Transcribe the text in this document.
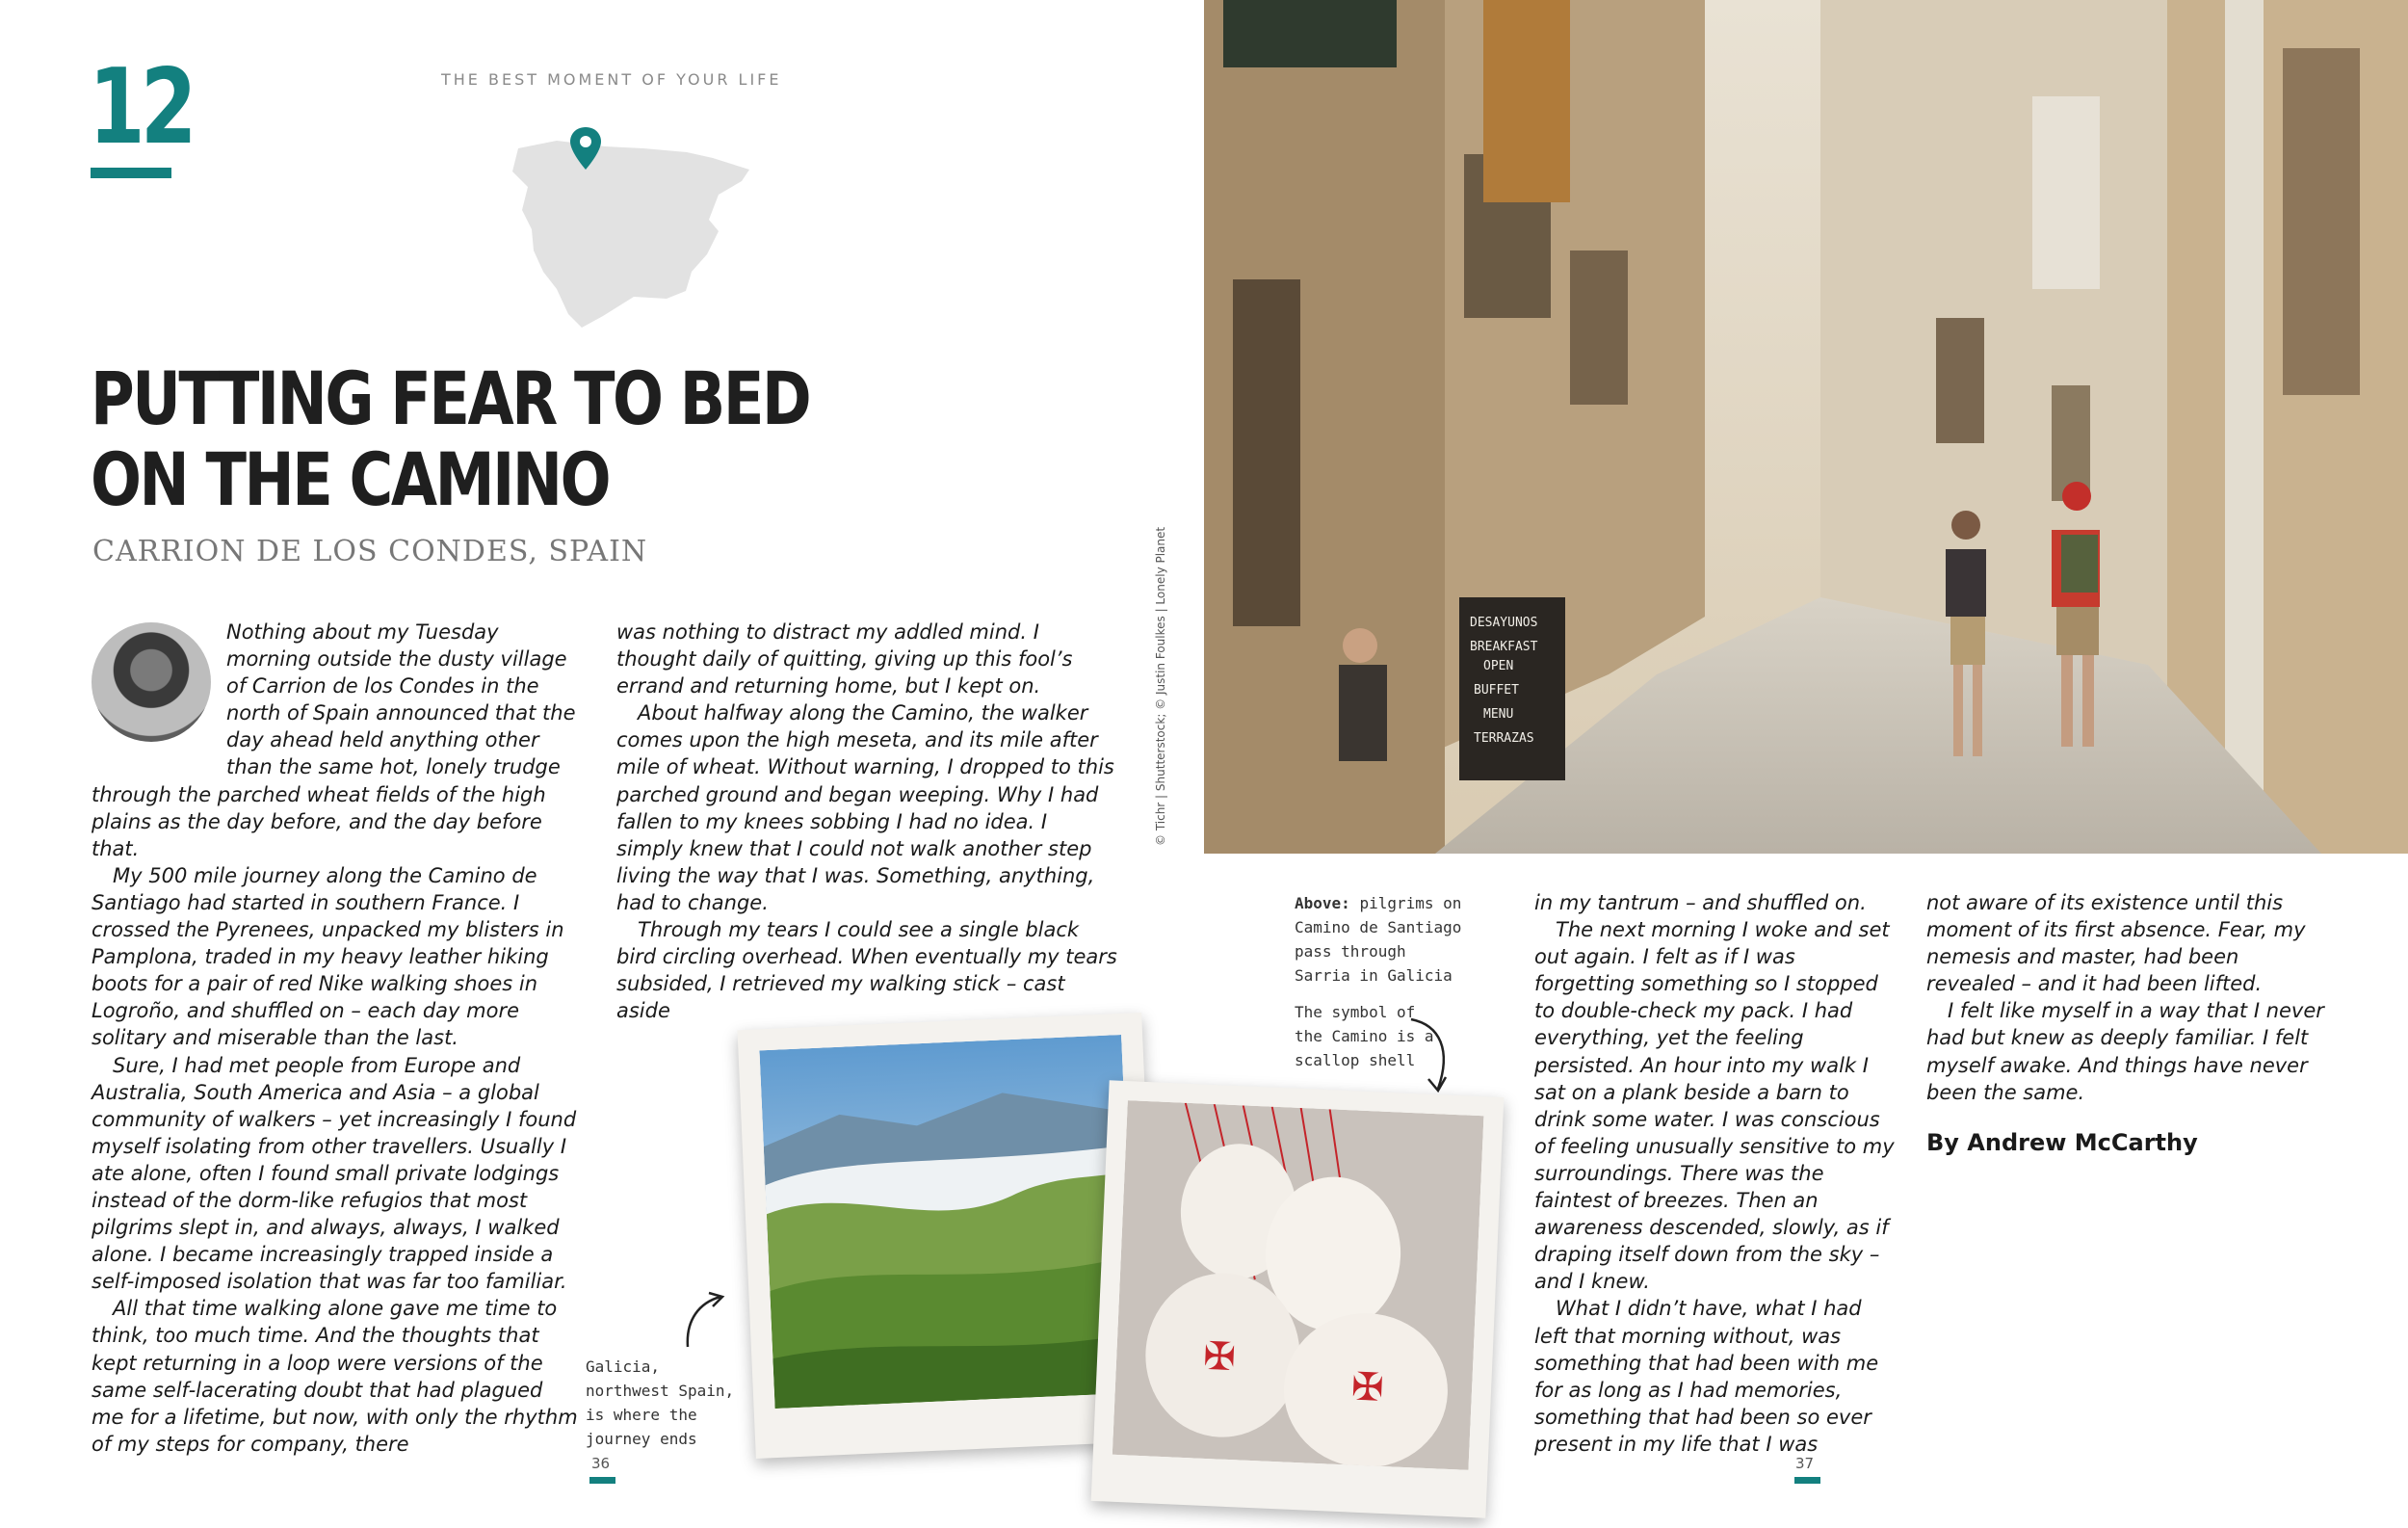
12	THE BEST MOMENT OF YOUR LIFE
PUTTING FEAR TO BED
ON THE CAMINO
CARRION DE LOS CONDES, SPAIN

Nothing about my Tuesday morning outside the dusty village of Carrion de los Condes in the north of Spain announced that the day ahead held anything other than the same hot, lonely trudge through the parched wheat fields of the high plains as the day before, and the day before that.

My 500 mile journey along the Camino de Santiago had started in southern France. I crossed the Pyrenees, unpacked my blisters in Pamplona, traded in my heavy leather hiking boots for a pair of red Nike walking shoes in Logroño, and shuffled on – each day more solitary and miserable than the last.

Sure, I had met people from Europe and Australia, South America and Asia – a global community of walkers – yet increasingly I found myself isolating from other travellers. Usually I ate alone, often I found small private lodgings instead of the dorm-like refugios that most pilgrims slept in, and always, always, I walked alone. I became increasingly trapped inside a self-imposed isolation that was far too familiar.

All that time walking alone gave me time to think, too much time. And the thoughts that kept returning in a loop were versions of the same self-lacerating doubt that had plagued me for a lifetime, but now, with only the rhythm of my steps for company, there

was nothing to distract my addled mind. I thought daily of quitting, giving up this fool’s errand and returning home, but I kept on.

About halfway along the Camino, the walker comes upon the high meseta, and its mile after mile of wheat. Without warning, I dropped to this parched ground and began weeping. Why I had fallen to my knees sobbing I had no idea. I simply knew that I could not walk another step living the way that I was. Something, anything, had to change.

Through my tears I could see a single black bird circling overhead. When eventually my tears subsided, I retrieved my walking stick – cast aside

in my tantrum – and shuffled on.

The next morning I woke and set out again. I felt as if I was forgetting something so I stopped to double-check my pack. I had everything, yet the feeling persisted. An hour into my walk I sat on a plank beside a barn to drink some water. I was conscious of feeling unusually sensitive to my surroundings. There was the faintest of breezes. Then an awareness descended, slowly, as if draping itself down from the sky – and I knew.

What I didn’t have, what I had left that morning without, was something that had been with me for as long as I had memories, something that had been so ever present in my life that I was

not aware of its existence until this moment of its first absence. Fear, my nemesis and master, had been revealed – and it had been lifted.

I felt like myself in a way that I never had but knew as deeply familiar. I felt myself awake. And things have never been the same.

By Andrew McCarthy
DESAYUNOS
BREAKFAST
OPEN
BUFFET
MENU
TERRAZAS
© Tichr | Shutterstock; © Justin Foulkes | Lonely Planet
Above: pilgrims on Camino de Santiago pass through Sarria in Galicia
The symbol of the Camino is a scallop shell
Galicia, northwest Spain, is where the journey ends
✠
✠
36	37
